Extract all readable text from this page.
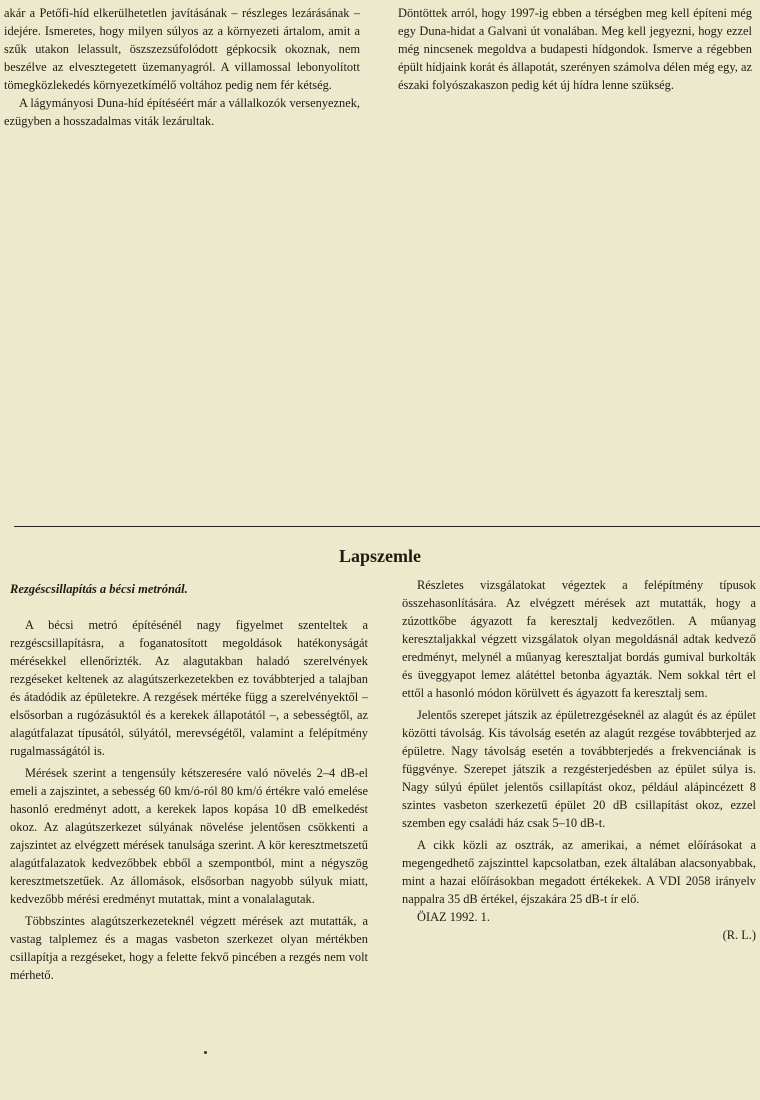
akár a Petőfi-híd elkerülhetetlen javításának – részleges lezárásának – idejére. Ismeretes, hogy milyen súlyos az a környezeti ártalom, amit a szűk utakon lelassult, öszszezsúfolódott gépkocsik okoznak, nem beszélve az elvesztegetett üzemanyagról. A villamossal lebonyolított tömegközlekedés környezetkímélő voltához pedig nem fér kétség.

A lágymányosi Duna-híd építéséért már a vállalkozók versenyeznek, ezügyben a hosszadalmas viták lezárultak.

Döntöttek arról, hogy 1997-ig ebben a térségben meg kell építeni még egy Duna-hidat a Galvani út vonalában. Meg kell jegyezni, hogy ezzel még nincsenek megoldva a budapesti hídgondok. Ismerve a régebben épült hídjaink korát és állapotát, szerényen számolva délen még egy, az északi folyószakaszon pedig két új hídra lenne szükség.

Lapszemle
Rezgéscsillapítás a bécsi metrónál.

A bécsi metró építésénél nagy figyelmet szenteltek a rezgéscsillapításra, a foganatosított megoldások hatékonyságát mérésekkel ellenőrizték. Az alagutakban haladó szerelvények rezgéseket keltenek az alagútszerkezetekben ez továbbterjed a talajban és átadódik az épületekre. A rezgések mértéke függ a szerelvényektől – elsősorban a rugózásuktól és a kerekek állapotától –, a sebességtől, az alagútfalazat típusától, súlyától, merevségétől, valamint a felépítmény rugalmasságától is.

Mérések szerint a tengensúly kétszeresére való növelés 2–4 dB-el emeli a zajszintet, a sebesség 60 km/ó-ról 80 km/ó értékre való emelése hasonló eredményt adott, a kerekek lapos kopása 10 dB emelkedést okoz. Az alagútszerkezet súlyának növelése jelentősen csökkenti a zajszintet az elvégzett mérések tanulsága szerint. A kör keresztmetszetű alagútfalazatok kedvezőbbek ebből a szempontból, mint a négyszög keresztmetszetűek. Az állomások, elsősorban nagyobb súlyuk miatt, kedvezőbb mérési eredményt mutattak, mint a vonalalagutak.

Többszintes alagútszerkezeteknél végzett mérések azt mutatták, a vastag talplemez és a magas vasbeton szerkezet olyan mértékben csillapítja a rezgéseket, hogy a felette fekvő pincében a rezgés nem volt mérhető.

Részletes vizsgálatokat végeztek a felépítmény típusok összehasonlítására. Az elvégzett mérések azt mutatták, hogy a zúzottkőbe ágyazott fa keresztalj kedvezőtlen. A műanyag keresztaljakkal végzett vizsgálatok olyan megoldásnál adtak kedvező eredményt, melynél a műanyag keresztaljat bordás gumival burkolták és üveggyapot lemez alátéttel betonba ágyazták. Nem sokkal tért el ettől a hasonló módon körülvett és ágyazott fa keresztalj sem.

Jelentős szerepet játszik az épületrezgéseknél az alagút és az épület közötti távolság. Kis távolság esetén az alagút rezgése továbbterjed az épületre. Nagy távolság esetén a továbbterjedés a frekvenciának is függvénye. Szerepet játszik a rezgésterjedésben az épület súlya is. Nagy súlyú épület jelentős csillapítást okoz, például alápincézett 8 szintes vasbeton szerkezetű épület 20 dB csillapítást okoz, ezzel szemben egy családi ház csak 5–10 dB-t.

A cikk közli az osztrák, az amerikai, a német előírásokat a megengedhető zajszinttel kapcsolatban, ezek általában alacsonyabbak, mint a hazai előírásokban megadott értékekek. A VDI 2058 irányelv nappalra 35 dB értékel, éjszakára 25 dB-t ír elő.

ÖIAZ 1992. 1.

(R. L.)
